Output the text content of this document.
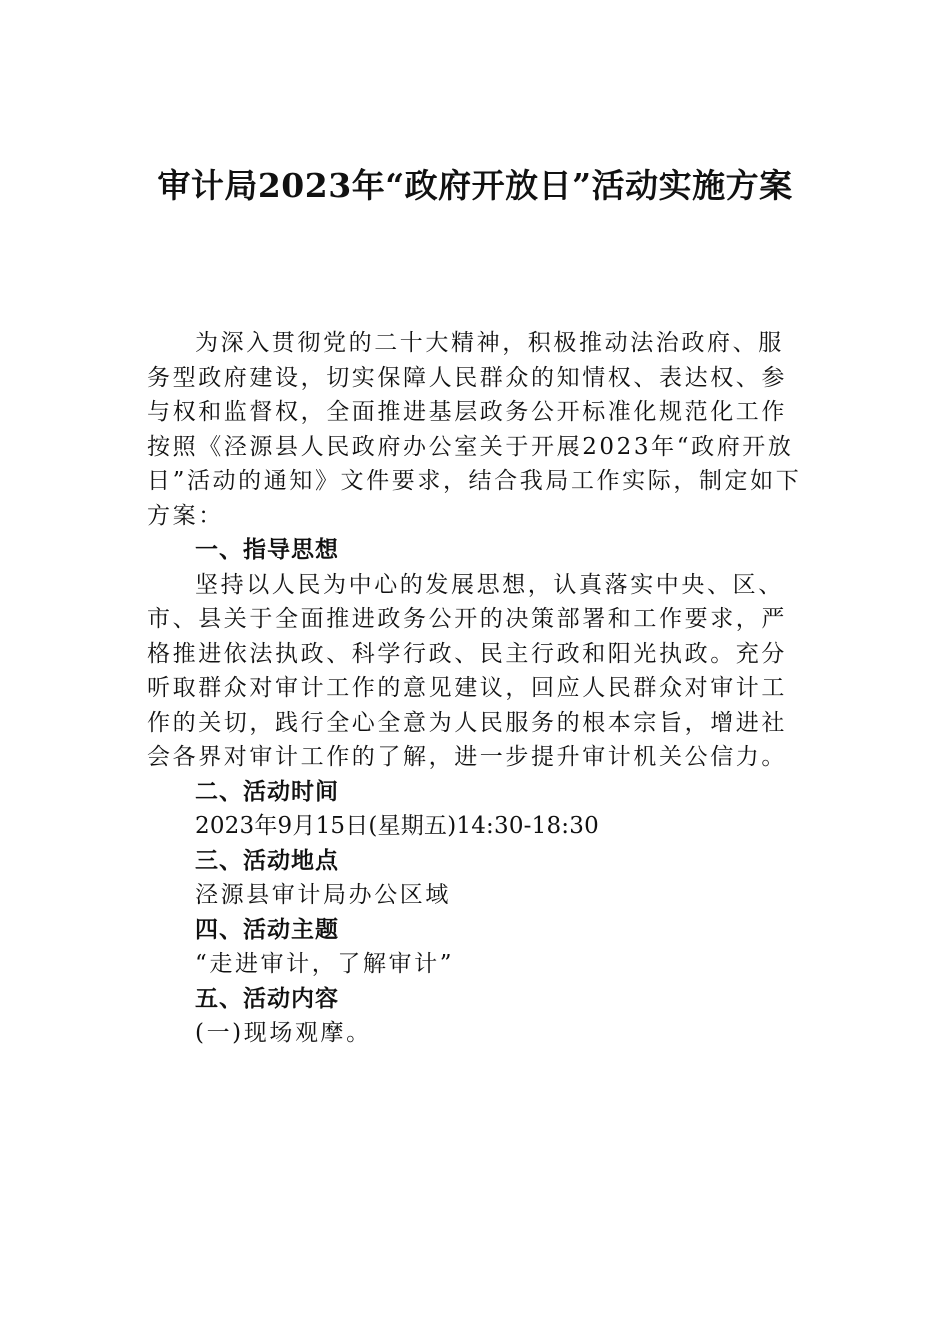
审计局2023年“政府开放日”活动实施方案

为深入贯彻党的二十大精神，积极推动法治政府、服务型政府建设，切实保障人民群众的知情权、表达权、参与权和监督权，全面推进基层政务公开标准化规范化工作按照《泾源县人民政府办公室关于开展2023年“政府开放日”活动的通知》文件要求，结合我局工作实际，制定如下方案：

一、指导思想

坚持以人民为中心的发展思想，认真落实中央、区、市、县关于全面推进政务公开的决策部署和工作要求，严格推进依法执政、科学行政、民主行政和阳光执政。充分听取群众对审计工作的意见建议，回应人民群众对审计工作的关切，践行全心全意为人民服务的根本宗旨，增进社会各界对审计工作的了解，进一步提升审计机关公信力。

二、活动时间

2023年9月15日(星期五)14:30-18:30

三、活动地点

泾源县审计局办公区域

四、活动主题

“走进审计，了解审计”

五、活动内容

(一)现场观摩。
